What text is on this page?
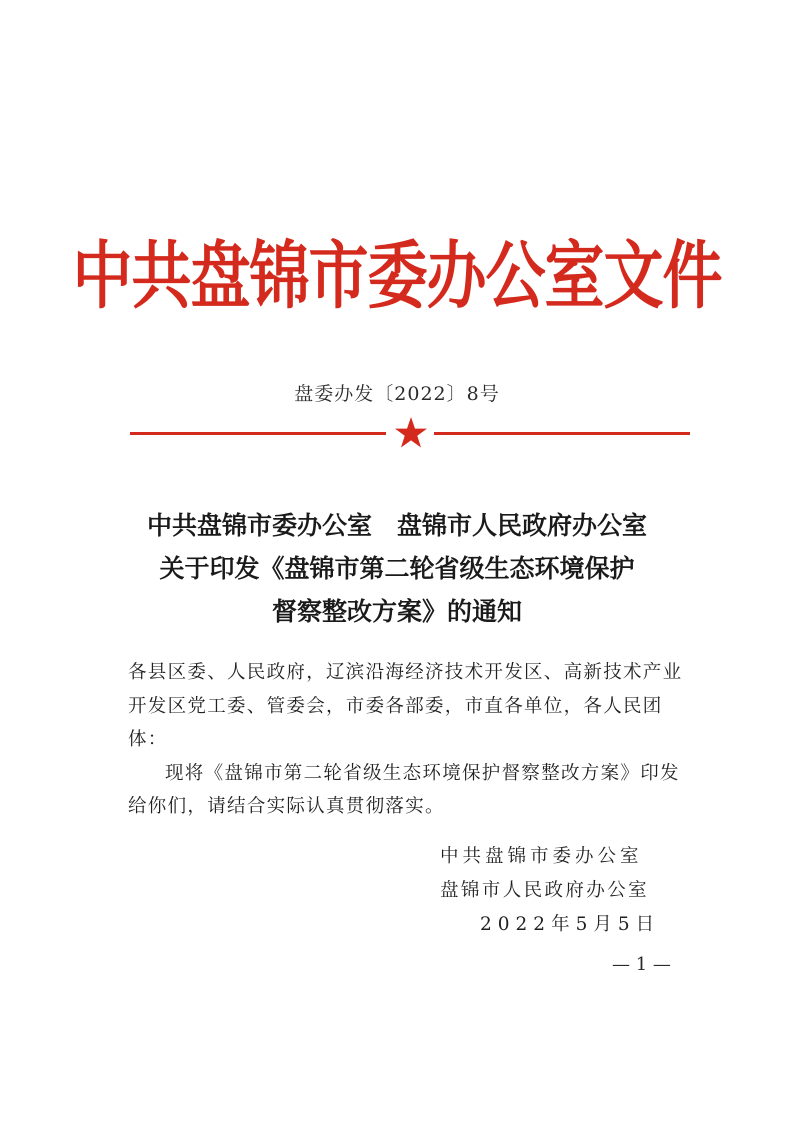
中共盘锦市委办公室文件
盘委办发〔2022〕8号
中共盘锦市委办公室　盘锦市人民政府办公室
关于印发《盘锦市第二轮省级生态环境保护
督察整改方案》的通知

各县区委、人民政府，辽滨沿海经济技术开发区、高新技术产业开发区党工委、管委会，市委各部委，市直各单位，各人民团体：

现将《盘锦市第二轮省级生态环境保护督察整改方案》印发给你们，请结合实际认真贯彻落实。

中共盘锦市委办公室
盘锦市人民政府办公室
2022年5月5日
— 1 —
